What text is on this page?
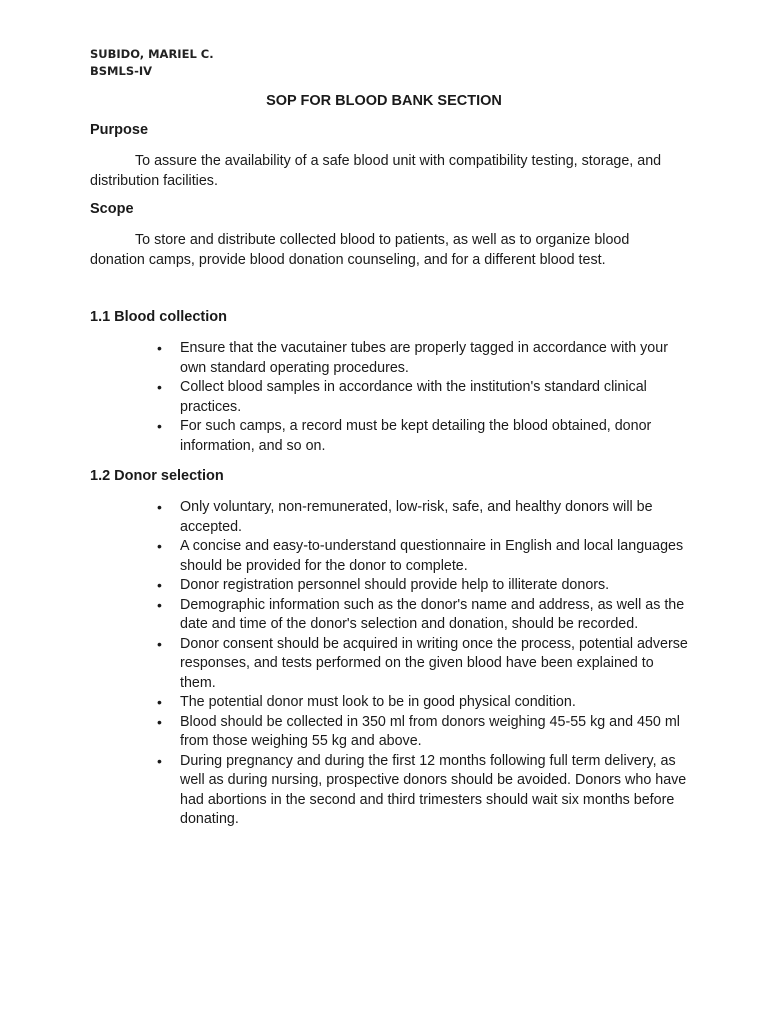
SUBIDO, MARIEL C.
BSMLS-IV
SOP FOR BLOOD BANK SECTION
Purpose
To assure the availability of a safe blood unit with compatibility testing, storage, and distribution facilities.
Scope
To store and distribute collected blood to patients, as well as to organize blood donation camps, provide blood donation counseling, and for a different blood test.
1.1 Blood collection
• Ensure that the vacutainer tubes are properly tagged in accordance with your own standard operating procedures.
• Collect blood samples in accordance with the institution's standard clinical practices.
• For such camps, a record must be kept detailing the blood obtained, donor information, and so on.
1.2 Donor selection
• Only voluntary, non-remunerated, low-risk, safe, and healthy donors will be accepted.
• A concise and easy-to-understand questionnaire in English and local languages should be provided for the donor to complete.
• Donor registration personnel should provide help to illiterate donors.
• Demographic information such as the donor's name and address, as well as the date and time of the donor's selection and donation, should be recorded.
• Donor consent should be acquired in writing once the process, potential adverse responses, and tests performed on the given blood have been explained to them.
• The potential donor must look to be in good physical condition.
• Blood should be collected in 350 ml from donors weighing 45-55 kg and 450 ml from those weighing 55 kg and above.
• During pregnancy and during the first 12 months following full term delivery, as well as during nursing, prospective donors should be avoided. Donors who have had abortions in the second and third trimesters should wait six months before donating.
